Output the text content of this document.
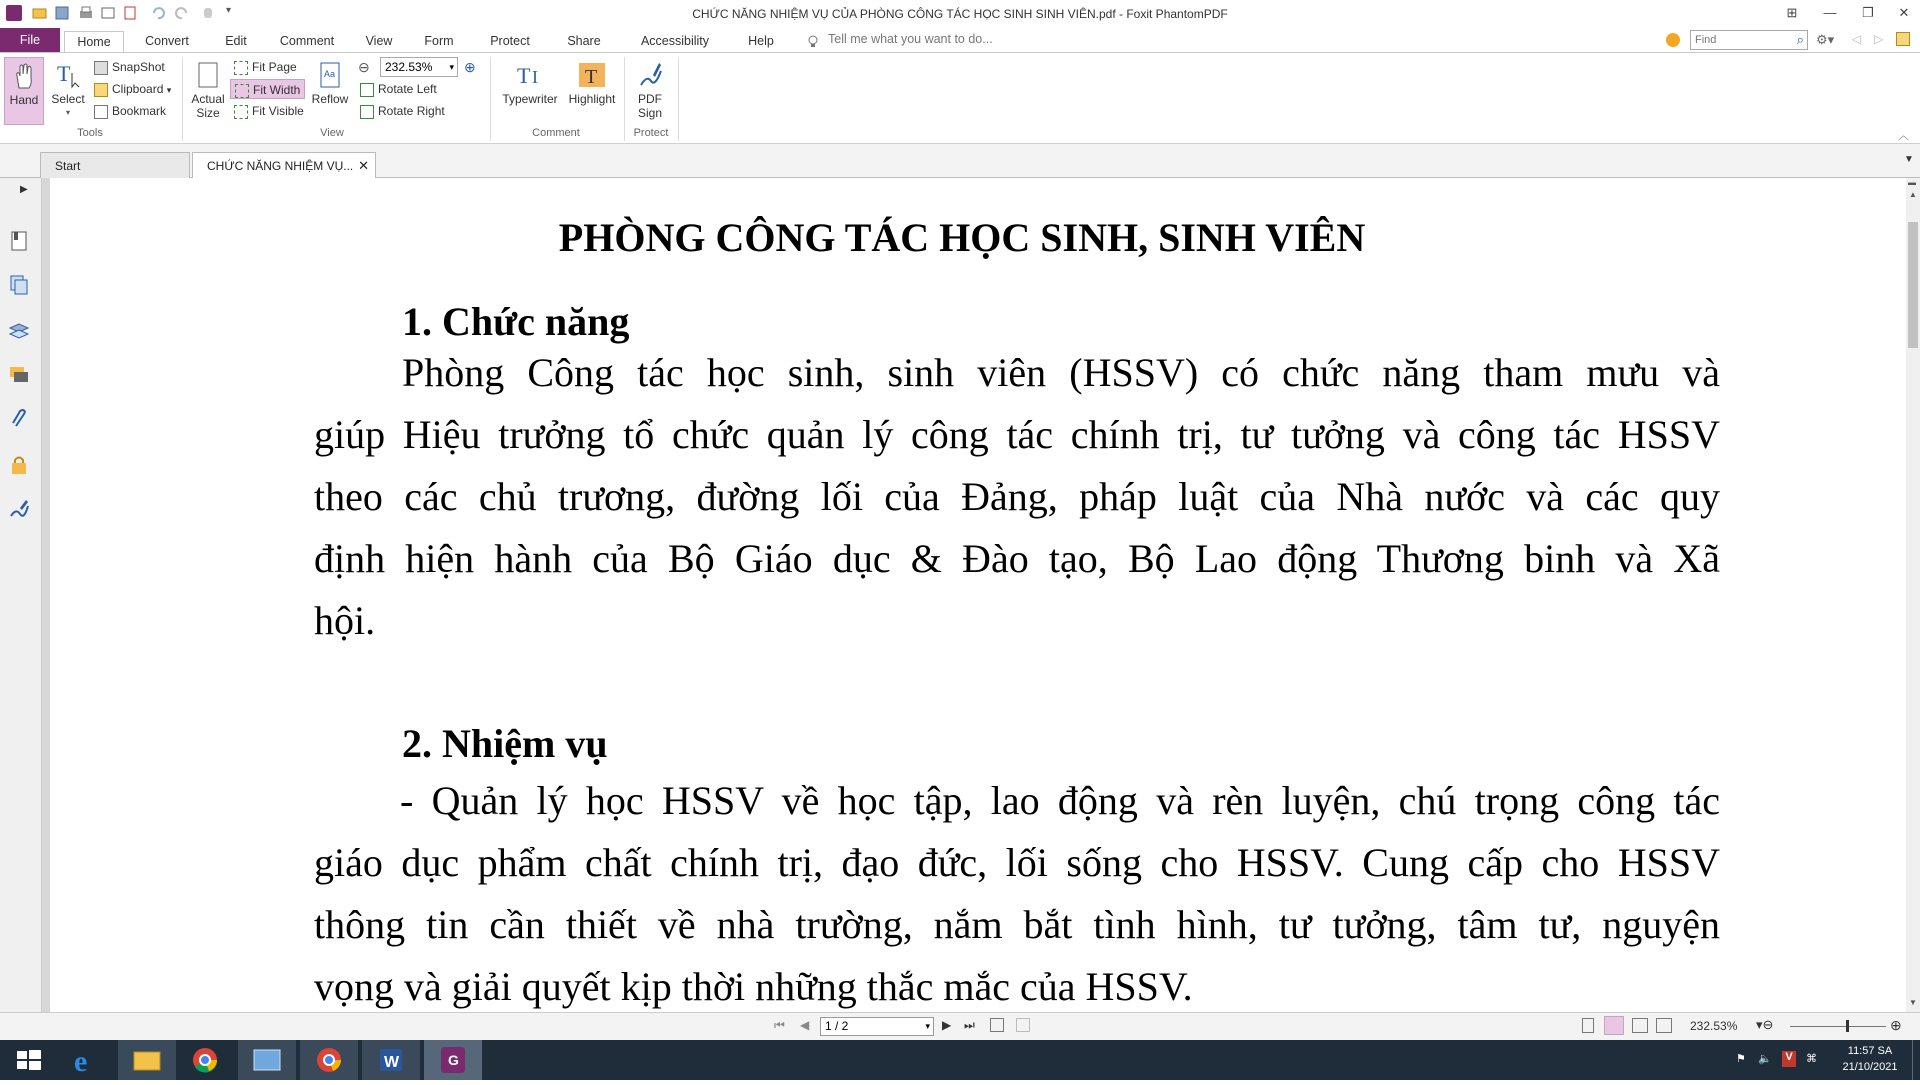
▾	CHỨC NĂNG NHIỆM VỤ CỦA PHÒNG CÔNG TÁC HỌC SINH SINH VIÊN.pdf - Foxit PhantomPDF	⊞	—	❐	✕
File	Home	Convert	Edit	Comment	View	Form	Protect	Share	Accessibility	Help	Tell me what you want to do...	Find	⌕ ⚙▾ ◁ ▷
Hand
T
Select
▾
SnapShot
Clipboard ▾
Bookmark
Tools
Actual
Size
Fit Page
Fit Width
Fit Visible
Aa
Reflow
⊖	232.53% ▾ ⊕
Rotate Left
Rotate Right
View
T I
Typewriter
T
Highlight
Comment
PDF
Sign
Protect	︿
Start	CHỨC NĂNG NHIỆM VỤ... ✕	▼
▶
PHÒNG CÔNG TÁC HỌC SINH, SINH VIÊN
1. Chức năng
Phòng Công tác học sinh, sinh viên (HSSV) có chức năng tham mưu và
giúp Hiệu trưởng tổ chức quản lý công tác chính trị, tư tưởng và công tác HSSV
theo các chủ trương, đường lối của Đảng, pháp luật của Nhà nước và các quy
định hiện hành của Bộ Giáo dục & Đào tạo, Bộ Lao động Thương binh và Xã
hội.
2. Nhiệm vụ
- Quản lý học HSSV về học tập, lao động và rèn luyện, chú trọng công tác
giáo dục phẩm chất chính trị, đạo đức, lối sống cho HSSV. Cung cấp cho HSSV
thông tin cần thiết về nhà trường, nắm bắt tình hình, tư tưởng, tâm tư, nguyện
vọng và giải quyết kịp thời những thắc mắc của HSSV.
▬
▲
▼
⏮ ◀	1 / 2	▾ ▶ ⏭	232.53% ▾⊖	⊕
e	W	G	⚑ 🔈	V	⌘
11:57 SA
21/10/2021
